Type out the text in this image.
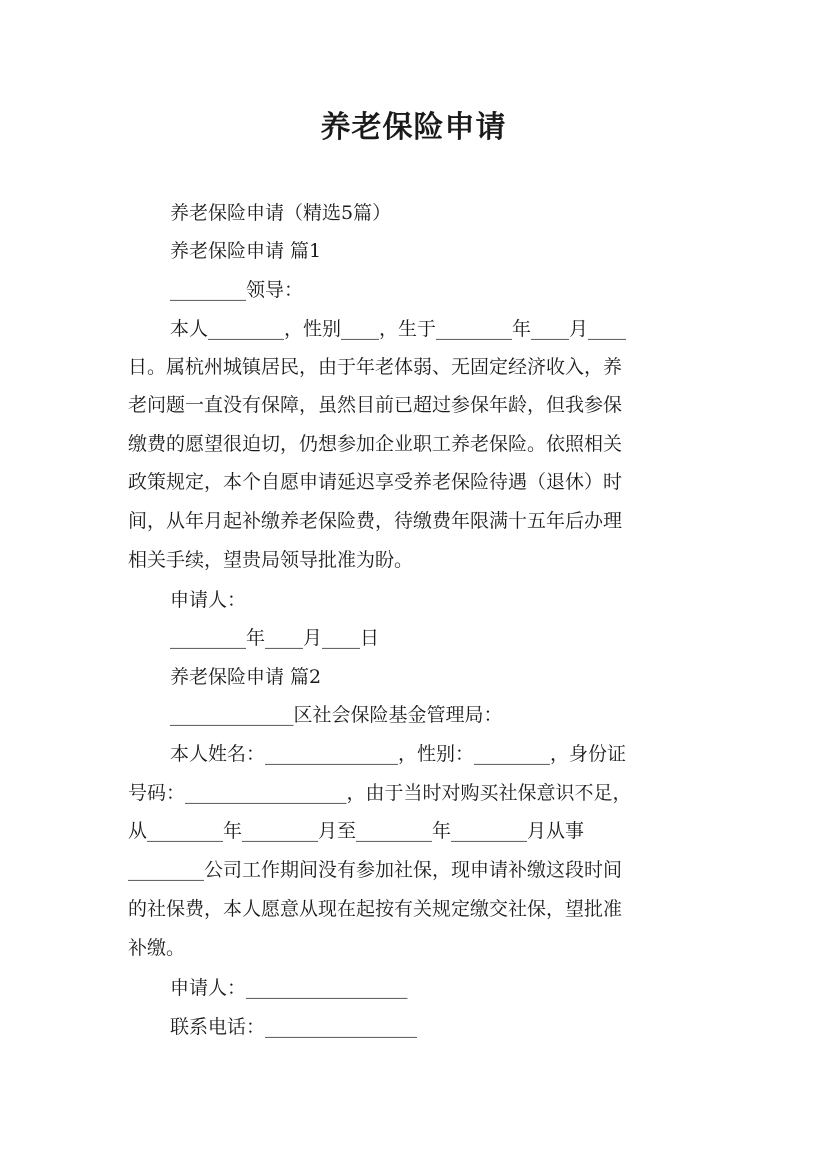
养老保险申请
养老保险申请（精选5篇）
养老保险申请 篇1
________领导：
本人________，性别____，生于________年____月____
日。属杭州城镇居民，由于年老体弱、无固定经济收入，养
老问题一直没有保障，虽然目前已超过参保年龄，但我参保
缴费的愿望很迫切，仍想参加企业职工养老保险。依照相关
政策规定，本个自愿申请延迟享受养老保险待遇（退休）时
间，从年月起补缴养老保险费，待缴费年限满十五年后办理
相关手续，望贵局领导批准为盼。
申请人：
________年____月____日
养老保险申请 篇2
_____________区社会保险基金管理局：
本人姓名：______________，性别：________，身份证
号码：_________________，由于当时对购买社保意识不足，
从________年________月至________年________月从事
________公司工作期间没有参加社保，现申请补缴这段时间
的社保费，本人愿意从现在起按有关规定缴交社保，望批准
补缴。
申请人：_________________
联系电话：________________
